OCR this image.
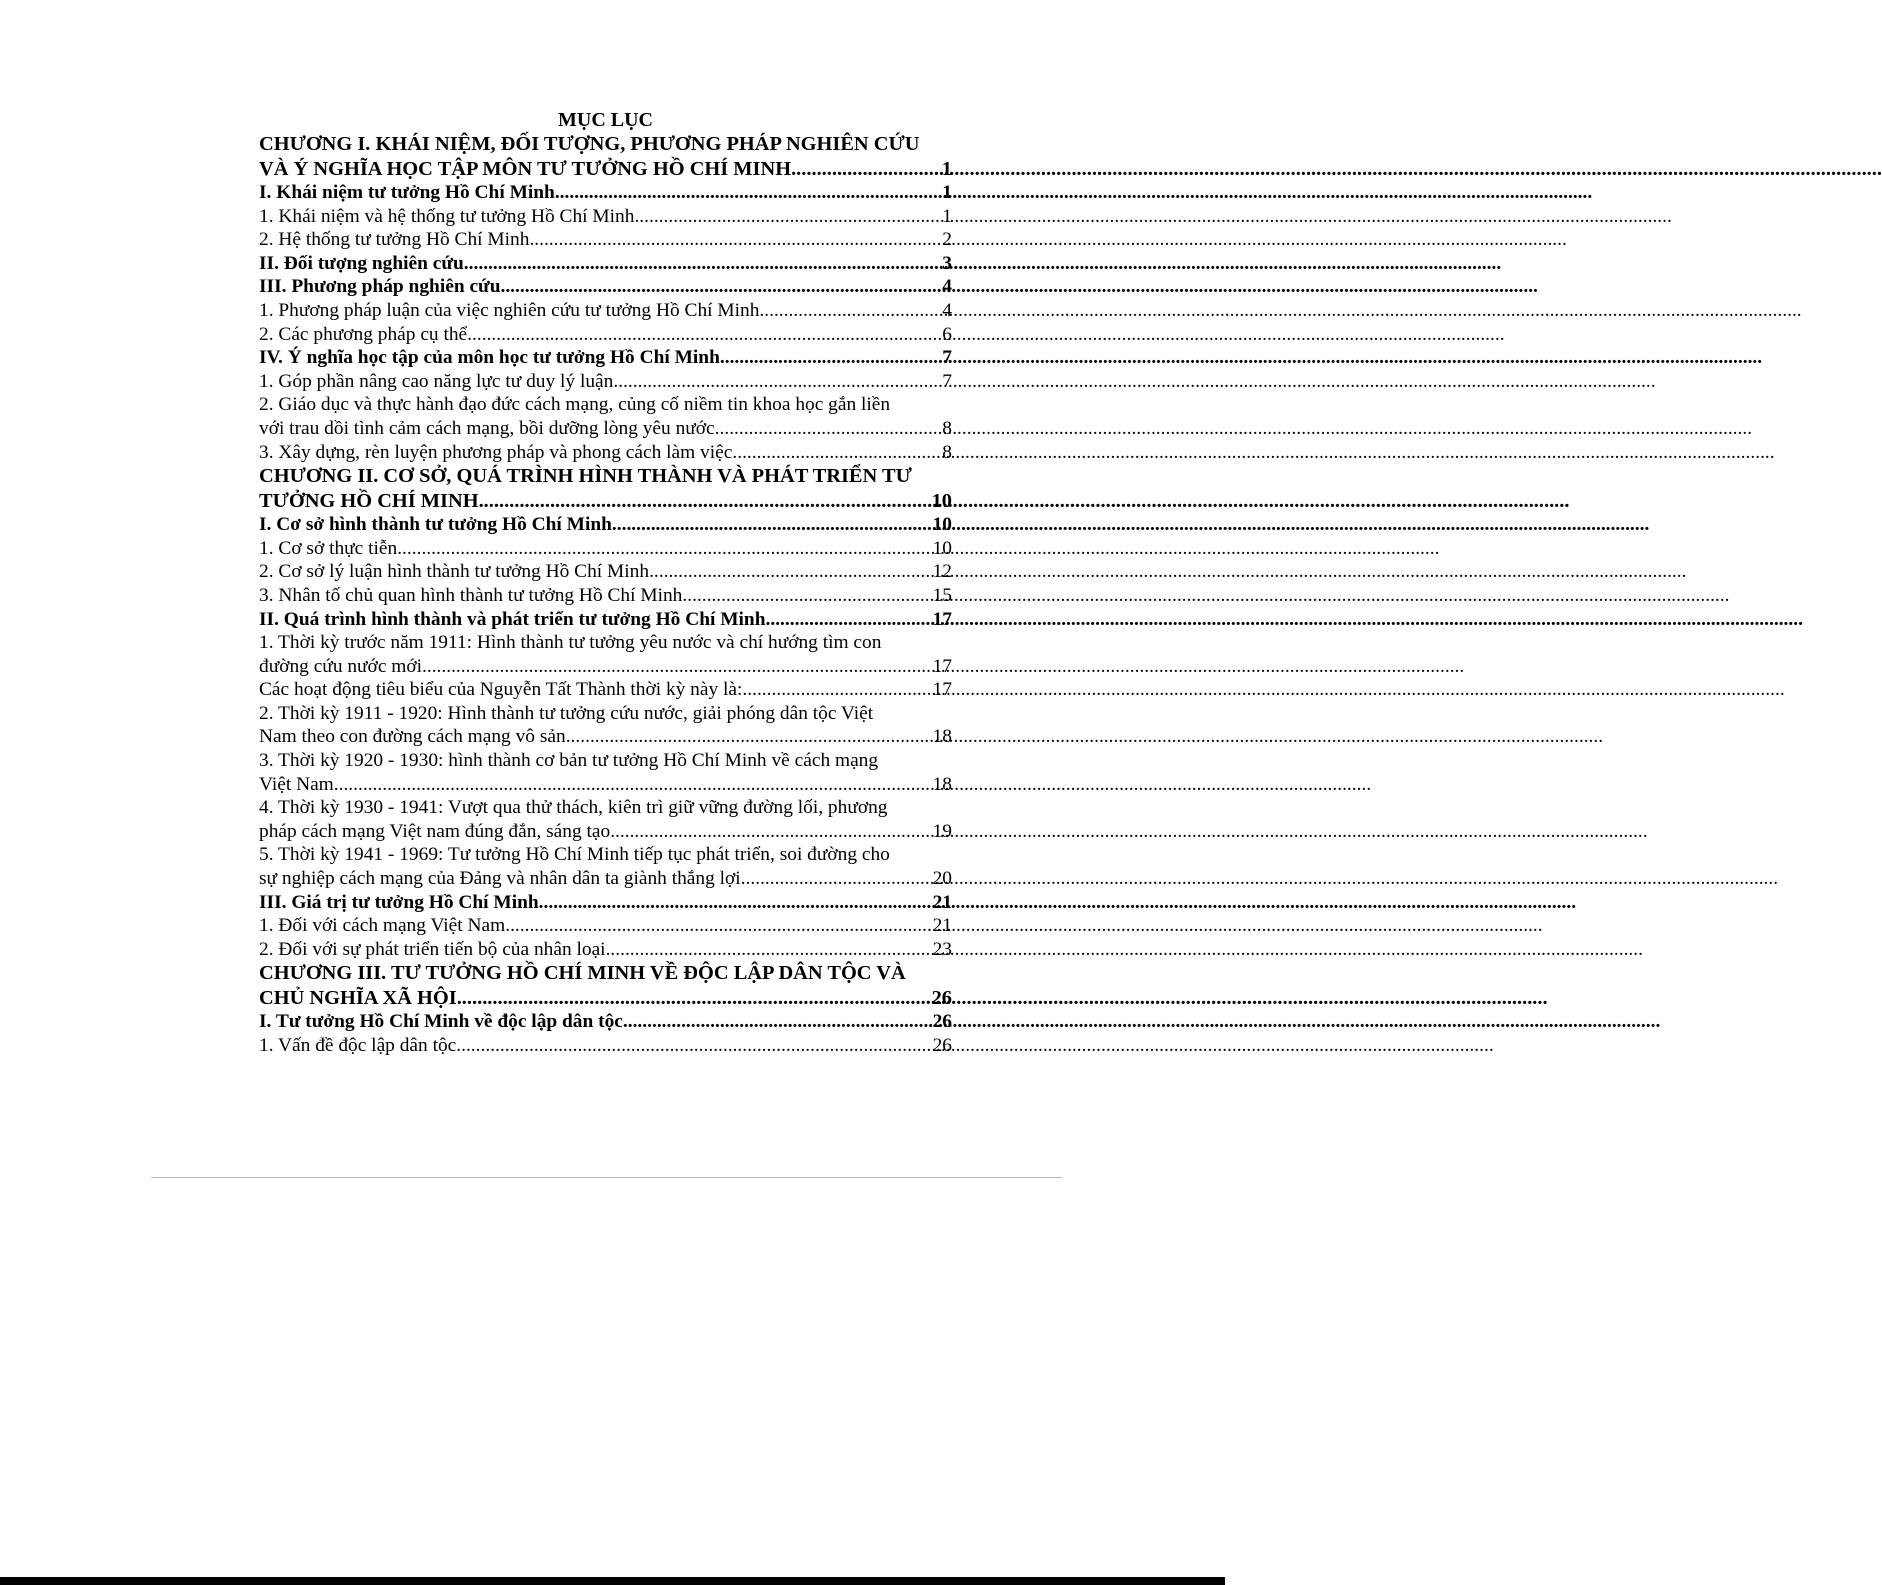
MỤC LỤC
CHƯƠNG I. KHÁI NIỆM, ĐỐI TƯỢNG, PHƯƠNG PHÁP NGHIÊN CỨU
VÀ Ý NGHĨA HỌC TẬP MÔN TƯ TƯỞNG HỒ CHÍ MINH .....	1
I. Khái niệm tư tưởng Hồ Chí Minh .....	1
1. Khái niệm và hệ thống tư tưởng Hồ Chí Minh .....	1
2. Hệ thống tư tưởng Hồ Chí Minh .....	2
II. Đối tượng nghiên cứu .....	3
III. Phương pháp nghiên cứu .....	4
1. Phương pháp luận của việc nghiên cứu tư tưởng Hồ Chí Minh. .....	4
2. Các phương pháp cụ thể .....	6
IV. Ý nghĩa học tập của môn học tư tưởng Hồ Chí Minh. .....	7
1. Góp phần nâng cao năng lực tư duy lý luận. .....	7
2. Giáo dục và thực hành đạo đức cách mạng, củng cố niềm tin khoa học gắn liền
với trau dồi tình cảm cách mạng, bồi dưỡng lòng yêu nước .....	8
3. Xây dựng, rèn luyện phương pháp và phong cách làm việc. .....	8
CHƯƠNG II. CƠ SỞ, QUÁ TRÌNH HÌNH THÀNH VÀ PHÁT TRIỂN TƯ
TƯỞNG HỒ CHÍ MINH .....	10
I. Cơ sở hình thành tư tưởng Hồ Chí Minh .....	10
1. Cơ sở thực tiễn. .....	10
2. Cơ sở lý luận hình thành tư tưởng Hồ Chí Minh .....	12
3. Nhân tố chủ quan hình thành tư tưởng Hồ Chí Minh.. .....	15
II. Quá trình hình thành và phát triển tư tưởng Hồ Chí Minh .....	17
1. Thời kỳ trước năm 1911: Hình thành tư tưởng yêu nước và chí hướng tìm con
đường cứu nước mới. .....	17
Các hoạt động tiêu biểu của Nguyễn Tất Thành thời kỳ này là:. .....	17
2. Thời kỳ 1911 - 1920: Hình thành tư tưởng cứu nước, giải phóng dân tộc Việt
Nam theo con đường cách mạng vô sản .....	18
3. Thời kỳ 1920 - 1930: hình thành cơ bản tư tưởng Hồ Chí Minh về cách mạng
Việt Nam .....	18
4. Thời kỳ 1930 - 1941: Vượt qua thử thách, kiên trì giữ vững đường lối, phương
pháp cách mạng Việt nam đúng đắn, sáng tạo .....	19
5. Thời kỳ 1941 - 1969: Tư tưởng Hồ Chí Minh tiếp tục phát triển, soi đường cho
sự nghiệp cách mạng của Đảng và nhân dân ta giành thắng lợi .....	20
III. Giá trị tư tưởng Hồ Chí Minh .....	21
1. Đối với cách mạng Việt Nam .....	21
2. Đối với sự phát triển tiến bộ của nhân loại .....	23
CHƯƠNG III. TƯ TƯỞNG HỒ CHÍ MINH VỀ ĐỘC LẬP DÂN TỘC VÀ
CHỦ NGHĨA XÃ HỘI .....	26
I. Tư tưởng Hồ Chí Minh về độc lập dân tộc .....	26
1. Vấn đề độc lập dân tộc .....	26
